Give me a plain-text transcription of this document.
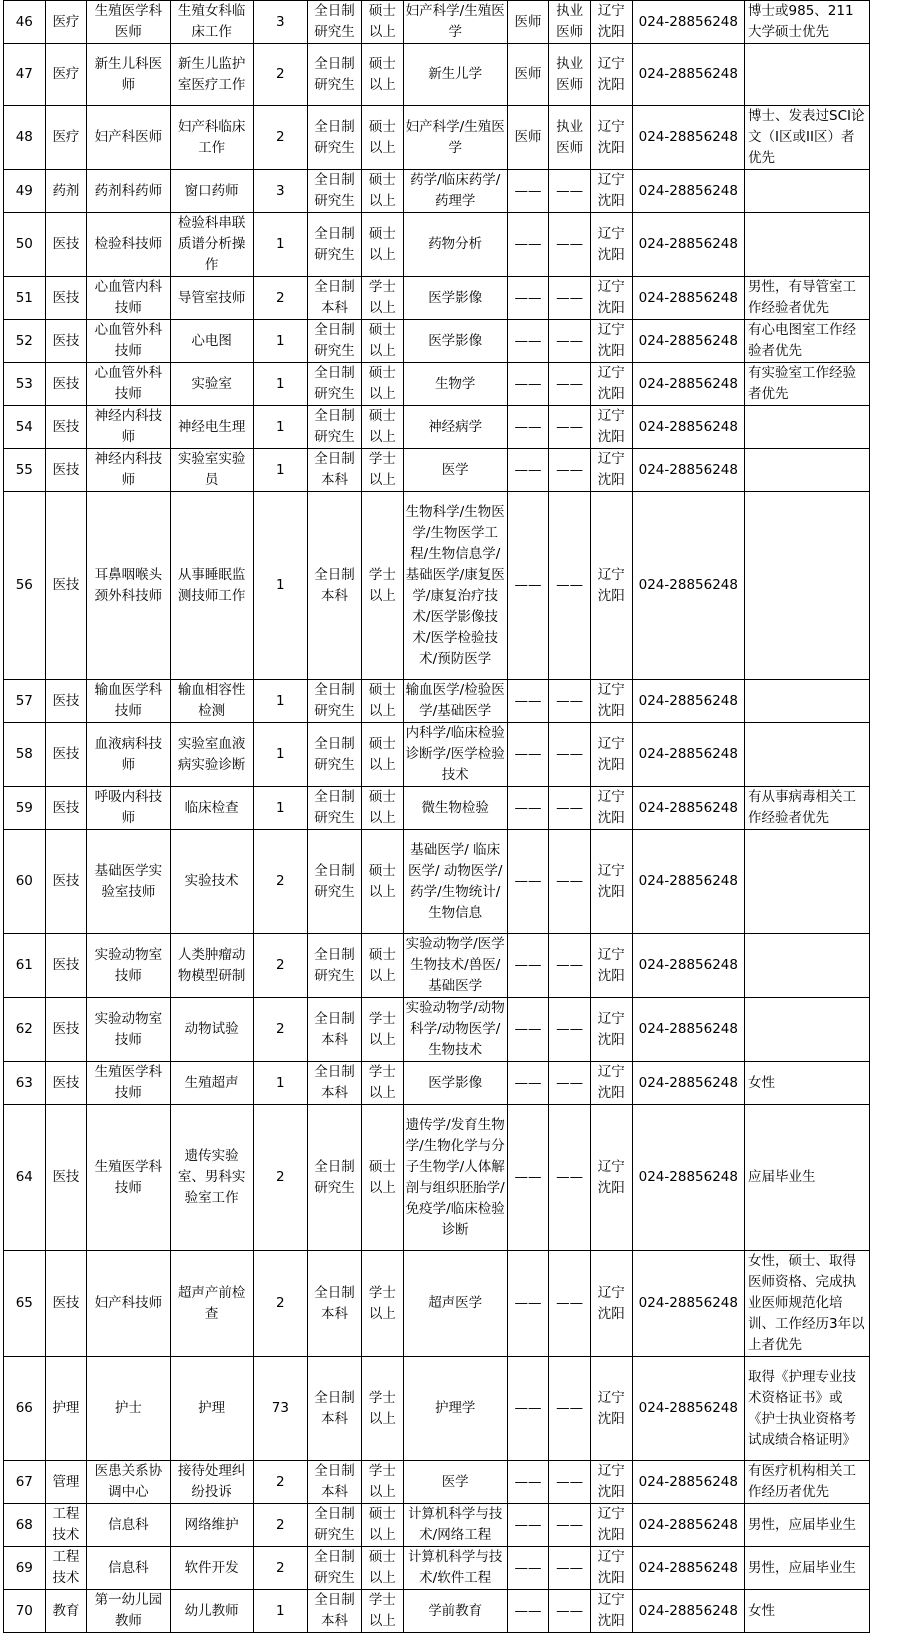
46	医疗	生殖医学科医师	生殖女科临床工作	3	全日制研究生	硕士以上	妇产科学/生殖医学	医师	执业医师	辽宁沈阳	024-28856248	博士或985、211大学硕士优先
47	医疗	新生儿科医师	新生儿监护室医疗工作	2	全日制研究生	硕士以上	新生儿学	医师	执业医师	辽宁沈阳	024-28856248	
48	医疗	妇产科医师	妇产科临床工作	2	全日制研究生	硕士以上	妇产科学/生殖医学	医师	执业医师	辽宁沈阳	024-28856248	博士、发表过SCI论文（I区或II区）者优先
49	药剂	药剂科药师	窗口药师	3	全日制研究生	硕士以上	药学/临床药学/药理学	——	——	辽宁沈阳	024-28856248	
50	医技	检验科技师	检验科串联质谱分析操作	1	全日制研究生	硕士以上	药物分析	——	——	辽宁沈阳	024-28856248	
51	医技	心血管内科技师	导管室技师	2	全日制本科	学士以上	医学影像	——	——	辽宁沈阳	024-28856248	男性，有导管室工作经验者优先
52	医技	心血管外科技师	心电图	1	全日制研究生	硕士以上	医学影像	——	——	辽宁沈阳	024-28856248	有心电图室工作经验者优先
53	医技	心血管外科技师	实验室	1	全日制研究生	硕士以上	生物学	——	——	辽宁沈阳	024-28856248	有实验室工作经验者优先
54	医技	神经内科技师	神经电生理	1	全日制研究生	硕士以上	神经病学	——	——	辽宁沈阳	024-28856248	
55	医技	神经内科技师	实验室实验员	1	全日制本科	学士以上	医学	——	——	辽宁沈阳	024-28856248	
56	医技	耳鼻咽喉头颈外科技师	从事睡眠监测技师工作	1	全日制本科	学士以上	生物科学/生物医学/生物医学工程/生物信息学/基础医学/康复医学/康复治疗技术/医学影像技术/医学检验技术/预防医学	——	——	辽宁沈阳	024-28856248	
57	医技	输血医学科技师	输血相容性检测	1	全日制研究生	硕士以上	输血医学/检验医学/基础医学	——	——	辽宁沈阳	024-28856248	
58	医技	血液病科技师	实验室血液病实验诊断	1	全日制研究生	硕士以上	内科学/临床检验诊断学/医学检验技术	——	——	辽宁沈阳	024-28856248	
59	医技	呼吸内科技师	临床检查	1	全日制研究生	硕士以上	微生物检验	——	——	辽宁沈阳	024-28856248	有从事病毒相关工作经验者优先
60	医技	基础医学实验室技师	实验技术	2	全日制研究生	硕士以上	基础医学/ 临床医学/ 动物医学/药学/生物统计/生物信息	——	——	辽宁沈阳	024-28856248	
61	医技	实验动物室技师	人类肿瘤动物模型研制	2	全日制研究生	硕士以上	实验动物学/医学生物技术/兽医/基础医学	——	——	辽宁沈阳	024-28856248	
62	医技	实验动物室技师	动物试验	2	全日制本科	学士以上	实验动物学/动物科学/动物医学/生物技术	——	——	辽宁沈阳	024-28856248	
63	医技	生殖医学科技师	生殖超声	1	全日制本科	学士以上	医学影像	——	——	辽宁沈阳	024-28856248	女性
64	医技	生殖医学科技师	遗传实验室、男科实验室工作	2	全日制研究生	硕士以上	遗传学/发育生物学/生物化学与分子生物学/人体解剖与组织胚胎学/免疫学/临床检验诊断	——	——	辽宁沈阳	024-28856248	应届毕业生
65	医技	妇产科技师	超声产前检查	2	全日制本科	学士以上	超声医学	——	——	辽宁沈阳	024-28856248	女性，硕士、取得医师资格、完成执业医师规范化培训、工作经历3年以上者优先
66	护理	护士	护理	73	全日制本科	学士以上	护理学	——	——	辽宁沈阳	024-28856248	取得《护理专业技术资格证书》或《护士执业资格考试成绩合格证明》
67	管理	医患关系协调中心	接待处理纠纷投诉	2	全日制本科	学士以上	医学	——	——	辽宁沈阳	024-28856248	有医疗机构相关工作经历者优先
68	工程技术	信息科	网络维护	2	全日制研究生	硕士以上	计算机科学与技术/网络工程	——	——	辽宁沈阳	024-28856248	男性，应届毕业生
69	工程技术	信息科	软件开发	2	全日制研究生	硕士以上	计算机科学与技术/软件工程	——	——	辽宁沈阳	024-28856248	男性，应届毕业生
70	教育	第一幼儿园教师	幼儿教师	1	全日制本科	学士以上	学前教育	——	——	辽宁沈阳	024-28856248	女性
